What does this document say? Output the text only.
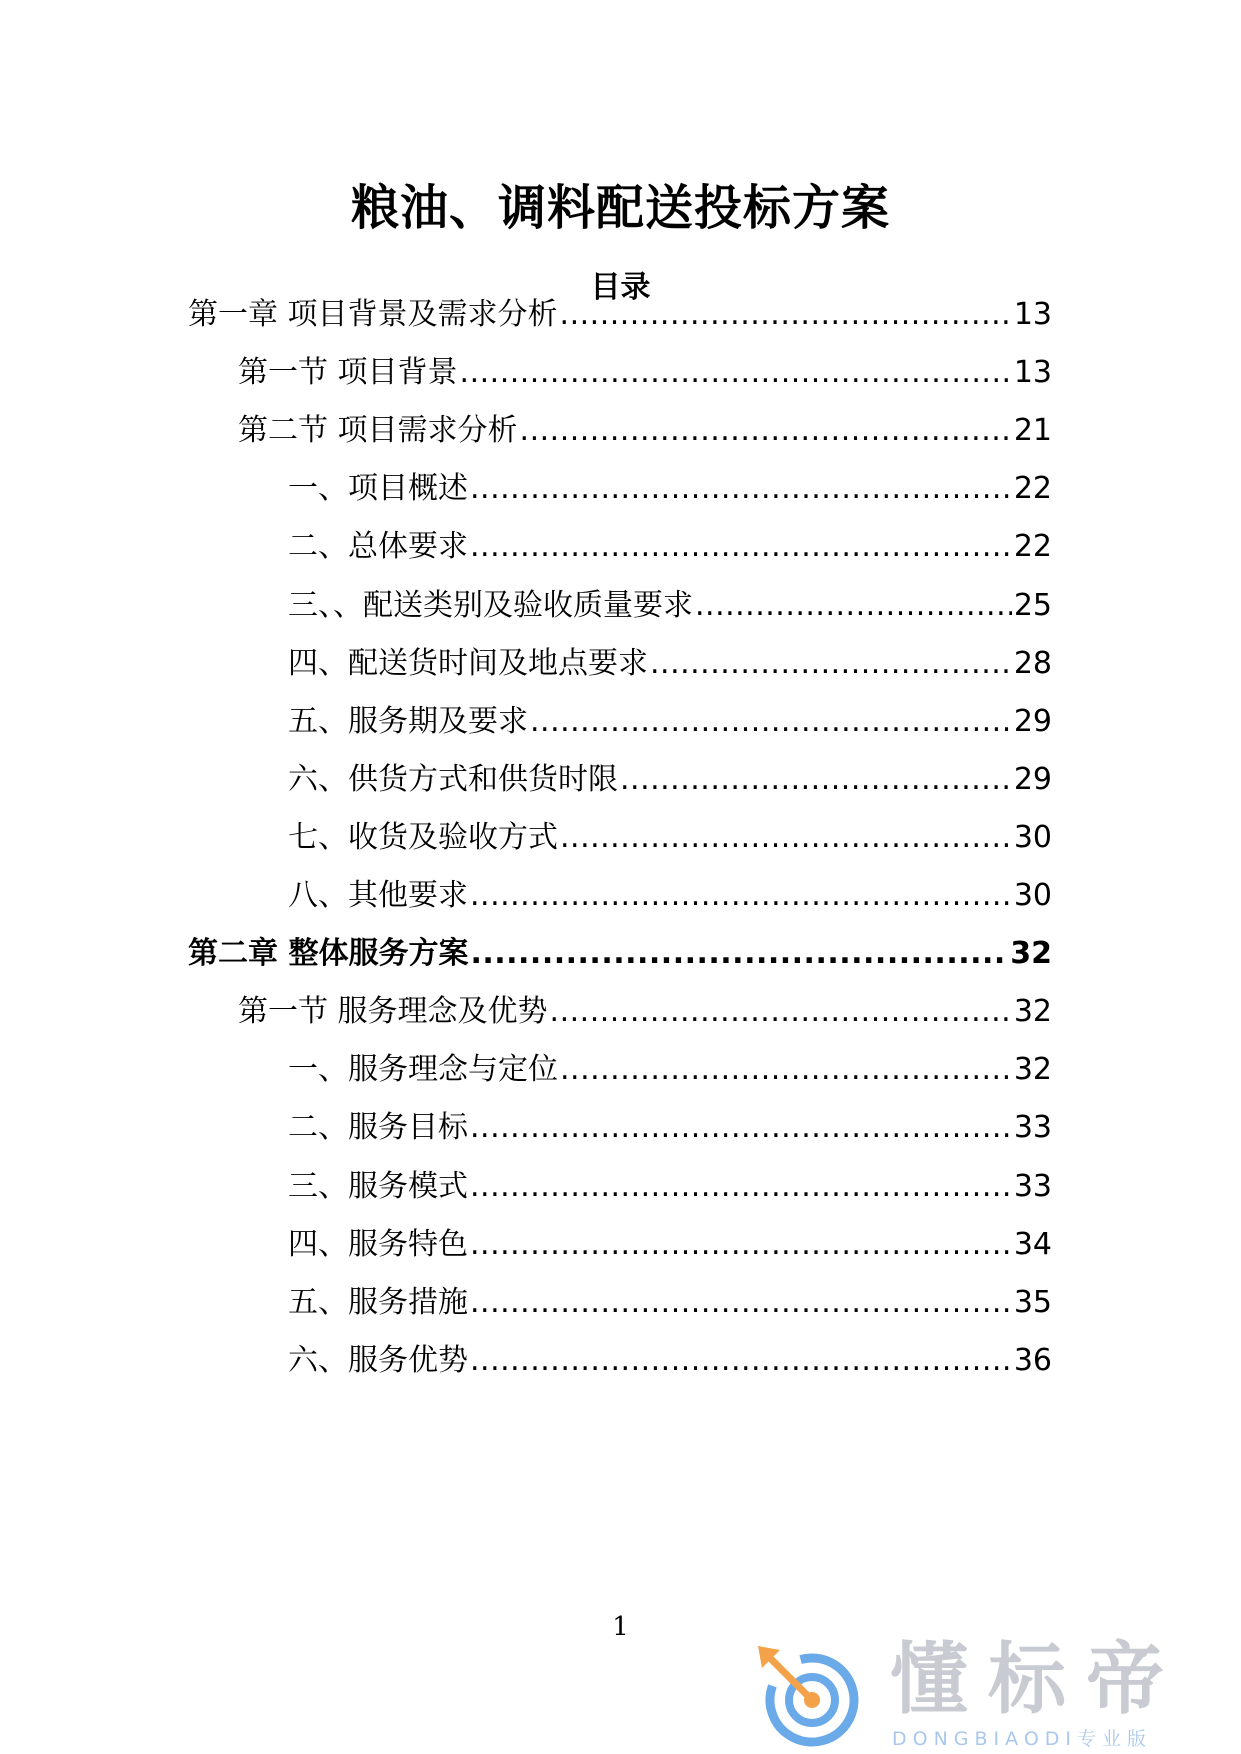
粮油、调料配送投标方案
目录
第一章 项目背景及需求分析 .....	13
第一节 项目背景 .....	13
第二节 项目需求分析 .....	21
一、项目概述 .....	22
二、总体要求 .....	22
三、、配送类别及验收质量要求 .....	25
四、配送货时间及地点要求 .....	28
五、服务期及要求 .....	29
六、供货方式和供货时限 .....	29
七、收货及验收方式 .....	30
八、其他要求 .....	30
第二章 整体服务方案 .....	32
第一节 服务理念及优势 .....	32
一、服务理念与定位 .....	32
二、服务目标 .....	33
三、服务模式 .....	33
四、服务特色 .....	34
五、服务措施 .....	35
六、服务优势 .....	36
1
懂标帝
DONGBIAODI专业版
